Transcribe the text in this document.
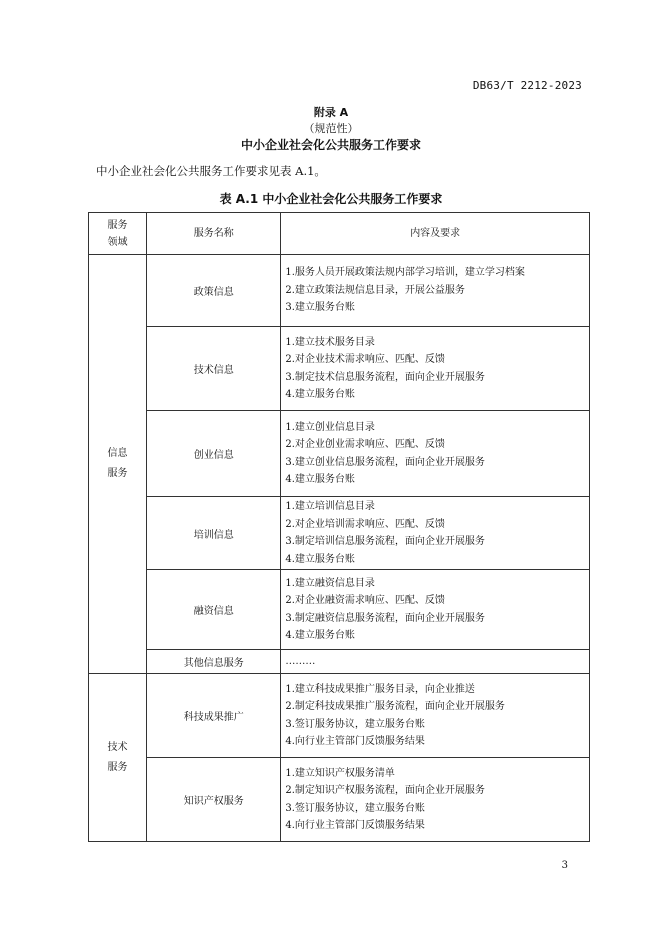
DB63/T 2212-2023
附录 A
（规范性）
中小企业社会化公共服务工作要求
中小企业社会化公共服务工作要求见表 A.1。
表 A.1 中小企业社会化公共服务工作要求
服务
领域	服务名称	内容及要求
信息
服务	政策信息	1.服务人员开展政策法规内部学习培训，建立学习档案
2.建立政策法规信息目录，开展公益服务
3.建立服务台账

	技术信息	1.建立技术服务目录
2.对企业技术需求响应、匹配、反馈
3.制定技术信息服务流程，面向企业开展服务
4.建立服务台账

	创业信息	1.建立创业信息目录
2.对企业创业需求响应、匹配、反馈
3.建立创业信息服务流程，面向企业开展服务
4.建立服务台账

	培训信息	1.建立培训信息目录
2.对企业培训需求响应、匹配、反馈
3.制定培训信息服务流程，面向企业开展服务
4.建立服务台账

	融资信息	1.建立融资信息目录
2.对企业融资需求响应、匹配、反馈
3.制定融资信息服务流程，面向企业开展服务
4.建立服务台账

	其他信息服务	………

技术
服务	科技成果推广	1.建立科技成果推广服务目录，向企业推送
2.制定科技成果推广服务流程，面向企业开展服务
3.签订服务协议，建立服务台账
4.向行业主管部门反馈服务结果

	知识产权服务	1.建立知识产权服务清单
2.制定知识产权服务流程，面向企业开展服务
3.签订服务协议，建立服务台账
4.向行业主管部门反馈服务结果
3
